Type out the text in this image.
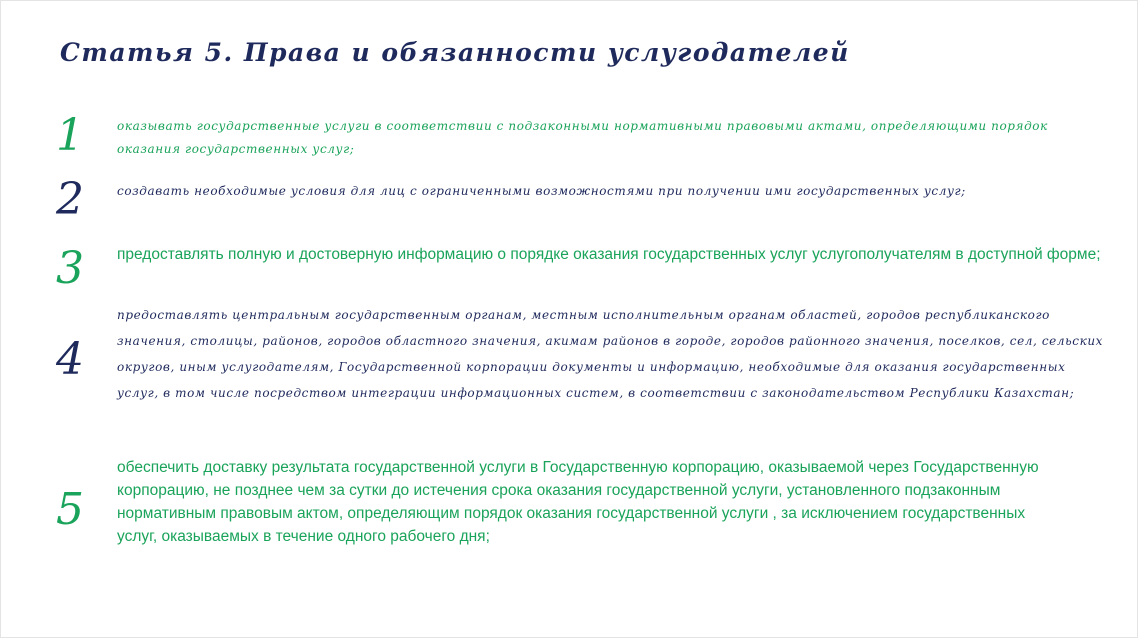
Статья 5. Права и обязанности услугодателей
1	оказывать государственные услуги в соответствии с подзаконными нормативными правовыми актами, определяющими порядок оказания государственных услуг;

2	создавать необходимые условия для лиц с ограниченными возможностями при получении ими государственных услуг;

3	предоставлять полную и достоверную информацию о порядке оказания государственных услуг услугополучателям в доступной форме;

4

предоставлять центральным государственным органам, местным исполнительным органам областей, городов республиканского значения, столицы, районов, городов областного значения, акимам районов в городе, городов районного значения, поселков, сел, сельских округов, иным услугодателям, Государственной корпорации документы и информацию, необходимые для оказания государственных услуг, в том числе посредством интеграции информационных систем, в соответствии с законодательством Республики Казахстан;

5

обеспечить доставку результата государственной услуги в Государственную корпорацию, оказываемой через Государственную корпорацию, не позднее чем за сутки до истечения срока оказания государственной услуги, установленного подзаконным нормативным правовым актом, определяющим порядок оказания государственной услуги , за исключением государственных услуг, оказываемых в течение одного рабочего дня;
